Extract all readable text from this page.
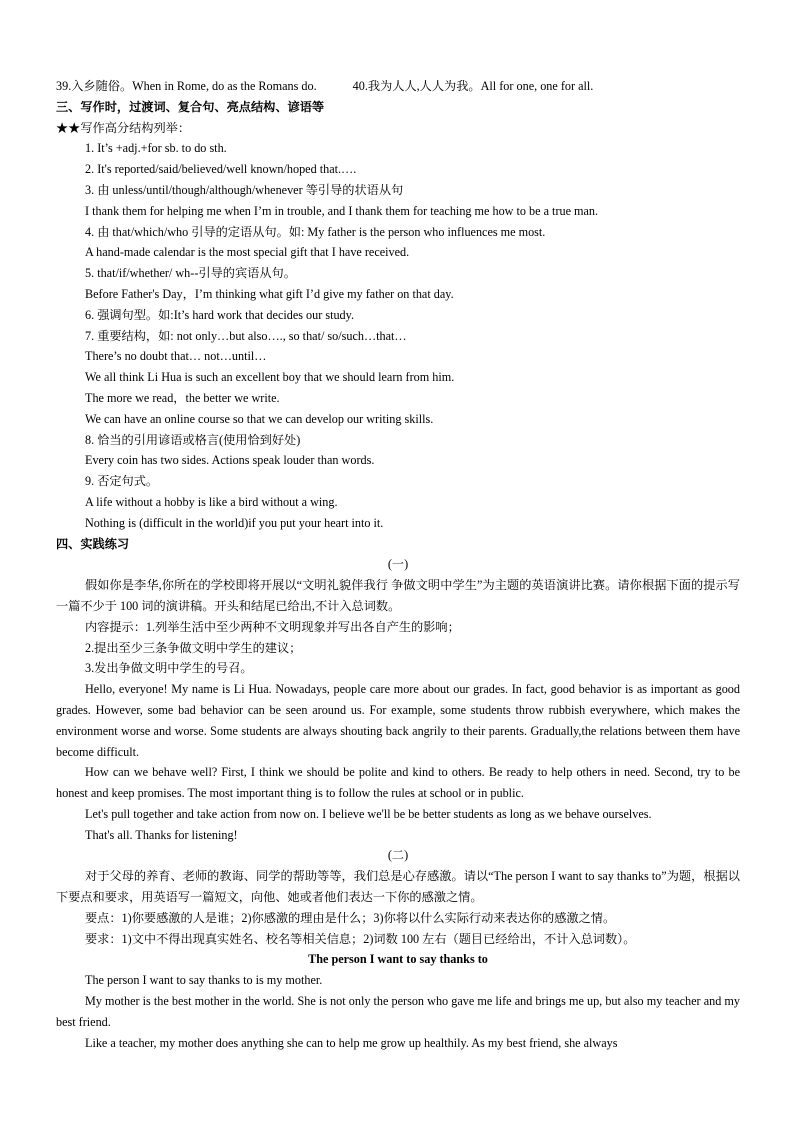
39.入乡随俗。When in Rome, do as the Romans do.	40.我为人人,人人为我。All for one, one for all.
三、写作时，过渡词、复合句、亮点结构、谚语等
★★写作高分结构列举：
1. It’s +adj.+for sb. to do sth.
2. It's reported/said/believed/well known/hoped that.….
3. 由 unless/until/though/although/whenever 等引导的状语从句
I thank them for helping me when I’m in trouble, and I thank them for teaching me how to be a true man.
4. 由 that/which/who 引导的定语从句。如: My father is the person who influences me most.
A hand-made calendar is the most special gift that I have received.
5. that/if/whether/ wh--引导的宾语从句。
Before Father's Day，I’m thinking what gift I’d give my father on that day.
6. 强调句型。如:It’s hard work that decides our study.
7. 重要结构，如: not only…but also…., so that/ so/such…that…
There’s no doubt that… not…until…
We all think Li Hua is such an excellent boy that we should learn from him.
The more we read，the better we write.
We can have an online course so that we can develop our writing skills.
8. 恰当的引用谚语或格言(使用恰到好处)
Every coin has two sides. Actions speak louder than words.
9. 否定句式。
A life without a hobby is like a bird without a wing.
Nothing is (difficult in the world)if you put your heart into it.
四、实践练习
(一)

假如你是李华,你所在的学校即将开展以“文明礼貌伴我行 争做文明中学生”为主题的英语演讲比赛。请你根据下面的提示写一篇不少于 100 词的演讲稿。开头和结尾已给出,不计入总词数。

内容提示：1.列举生活中至少两种不文明现象并写出各自产生的影响；
2.提出至少三条争做文明中学生的建议；
3.发出争做文明中学生的号召。

Hello, everyone! My name is Li Hua. Nowadays, people care more about our grades. In fact, good behavior is as important as good grades. However, some bad behavior can be seen around us. For example, some students throw rubbish everywhere, which makes the environment worse and worse. Some students are always shouting back angrily to their parents. Gradually,the relations between them have become difficult.

How can we behave well? First, I think we should be polite and kind to others. Be ready to help others in need. Second, try to be honest and keep promises. The most important thing is to follow the rules at school or in public.

Let's pull together and take action from now on. I believe we'll be be better students as long as we behave ourselves.

That's all. Thanks for listening!

(二)

对于父母的养育、老师的教诲、同学的帮助等等，我们总是心存感激。请以“The person I want to say thanks to”为题，根据以下要点和要求，用英语写一篇短文，向他、她或者他们表达一下你的感激之情。

要点：1)你要感激的人是谁；2)你感激的理由是什么；3)你将以什么实际行动来表达你的感激之情。

要求：1)文中不得出现真实姓名、校名等相关信息；2)词数 100 左右（题目已经给出，不计入总词数）。

The person I want to say thanks to

The person I want to say thanks to is my mother.

My mother is the best mother in the world. She is not only the person who gave me life and brings me up, but also my teacher and my best friend.

Like a teacher, my mother does anything she can to help me grow up healthily. As my best friend, she always
